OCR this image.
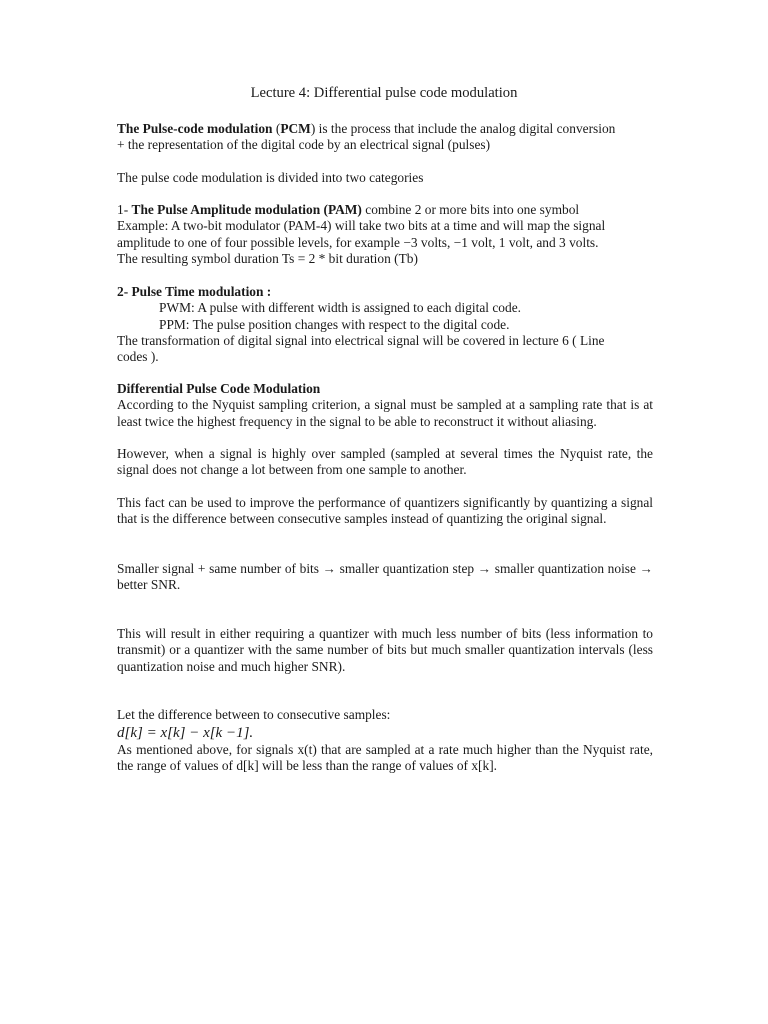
Lecture 4: Differential pulse code modulation

The Pulse-code modulation (PCM) is the process that include the analog digital conversion

+ the representation of the digital code by an electrical signal (pulses)

The pulse code modulation is divided into two categories

1- The Pulse Amplitude modulation (PAM) combine 2 or more bits into one symbol

Example: A two-bit modulator (PAM-4) will take two bits at a time and will map the signal

amplitude to one of four possible levels, for example −3 volts, −1 volt, 1 volt, and 3 volts.

The resulting symbol duration Ts = 2 * bit duration (Tb)

2- Pulse Time modulation :

PWM: A pulse with different width is assigned to each digital code.

PPM: The pulse position changes with respect to the digital code.

The transformation of digital signal into electrical signal will be covered in lecture 6 ( Line

codes ).

Differential Pulse Code Modulation

According to the Nyquist sampling criterion, a signal must be sampled at a sampling rate that is at least twice the highest frequency in the signal to be able to reconstruct it without aliasing.

However, when a signal is highly over sampled (sampled at several times the Nyquist rate, the signal does not change a lot between from one sample to another.

This fact can be used to improve the performance of quantizers significantly by quantizing a signal that is the difference between consecutive samples instead of quantizing the original signal.

Smaller signal + same number of bits → smaller quantization step → smaller quantization noise → better SNR.

This will result in either requiring a quantizer with much less number of bits (less information to transmit) or a quantizer with the same number of bits but much smaller quantization intervals (less quantization noise and much higher SNR).

Let the difference between to consecutive samples:

d[k] = x[k] − x[k −1].

As mentioned above, for signals x(t) that are sampled at a rate much higher than the Nyquist rate, the range of values of d[k] will be less than the range of values of x[k].
